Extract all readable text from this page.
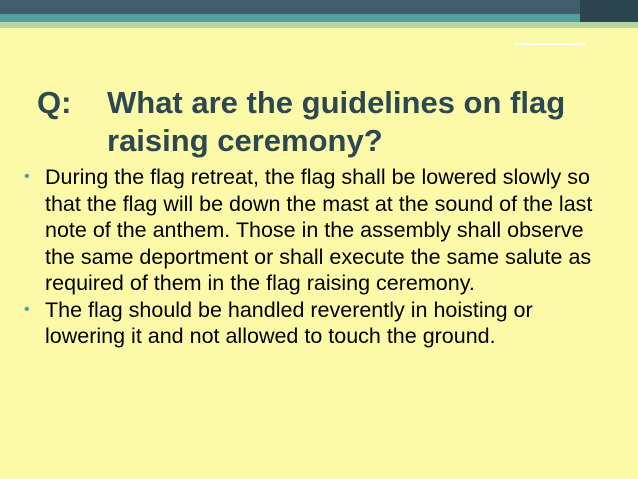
Q:	What are the guidelines on flag raising ceremony?
• During the flag retreat, the flag shall be lowered slowly so that the flag will be down the mast at the sound of the last note of the anthem. Those in the assembly shall observe the same deportment or shall execute the same salute as required of them in the flag raising ceremony.
• The flag should be handled reverently in hoisting or lowering it and not allowed to touch the ground.
